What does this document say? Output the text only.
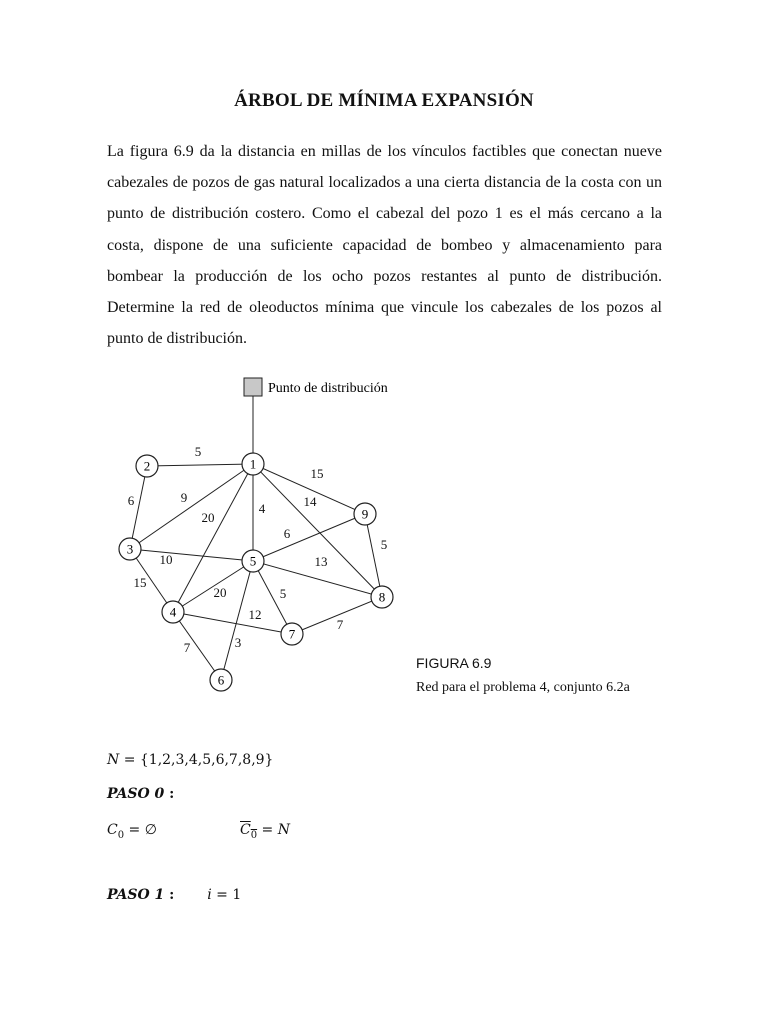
ÁRBOL DE MÍNIMA EXPANSIÓN

La figura 6.9 da la distancia en millas de los vínculos factibles que conectan nueve cabezales de pozos de gas natural localizados a una cierta distancia de la costa con un punto de distribución costero. Como el cabezal del pozo 1 es el más cercano a la costa, dispone de una suficiente capacidad de bombeo y almacenamiento para bombear la producción de los ocho pozos restantes al punto de distribución. Determine la red de oleoductos mínima que vincule los cabezales de los pozos al punto de distribución.

5
15
14
9
20
4
6
10
15
6
13
20	5
3
12
7
5
7
1
2
3
4
5
6
7
8
9
Punto de distribución
FIGURA 6.9
Red para el problema 4, conjunto 6.2a
N = {1,2,3,4,5,6,7,8,9}
PASO 0 :
$C_0$ = ∅	$C_0 = N$
PASO 1 : i = 1
